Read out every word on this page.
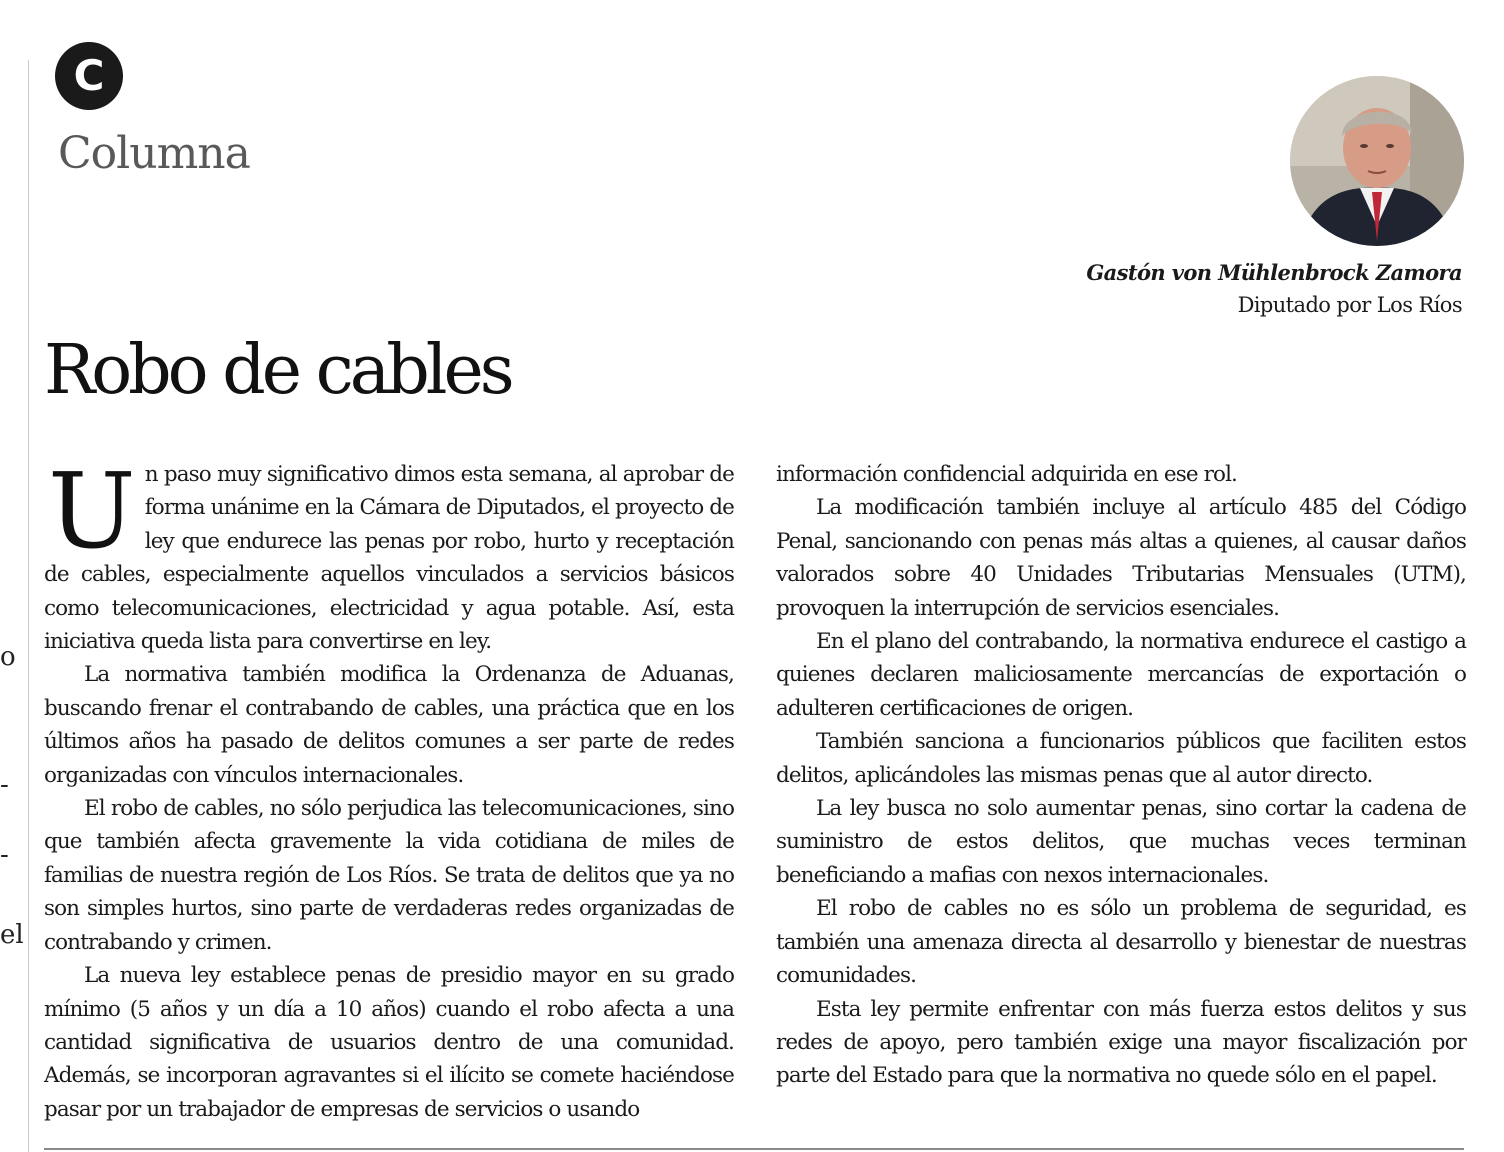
o
-
-
el
C
Columna
Gastón von Mühlenbrock Zamora
Diputado por Los Ríos
Robo de cables

Un paso muy significativo dimos esta semana, al aprobar de forma unánime en la Cámara de Diputados, el proyecto de ley que endurece las penas por robo, hurto y receptación de cables, especialmente aquellos vinculados a servicios básicos como telecomunicaciones, electricidad y agua potable. Así, esta iniciativa queda lista para convertirse en ley.

La normativa también modifica la Ordenanza de Aduanas, buscando frenar el contrabando de cables, una práctica que en los últimos años ha pasado de delitos comunes a ser parte de redes organizadas con vínculos internacionales.

El robo de cables, no sólo perjudica las telecomunicaciones, sino que también afecta gravemente la vida cotidiana de miles de familias de nuestra región de Los Ríos. Se trata de delitos que ya no son simples hurtos, sino parte de verdaderas redes organizadas de contrabando y crimen.

La nueva ley establece penas de presidio mayor en su grado mínimo (5 años y un día a 10 años) cuando el robo afecta a una cantidad significativa de usuarios dentro de una comunidad. Además, se incorporan agravantes si el ilícito se comete haciéndose pasar por un trabajador de empresas de servicios o usando

información confidencial adquirida en ese rol.

La modificación también incluye al artículo 485 del Código Penal, sancionando con penas más altas a quienes, al causar daños valorados sobre 40 Unidades Tributarias Mensuales (UTM), provoquen la interrupción de servicios esenciales.

En el plano del contrabando, la normativa endurece el castigo a quienes declaren maliciosamente mercancías de exportación o adulteren certificaciones de origen.

También sanciona a funcionarios públicos que faciliten estos delitos, aplicándoles las mismas penas que al autor directo.

La ley busca no solo aumentar penas, sino cortar la cadena de suministro de estos delitos, que muchas veces terminan beneficiando a mafias con nexos internacionales.

El robo de cables no es sólo un problema de seguridad, es también una amenaza directa al desarrollo y bienestar de nuestras comunidades.

Esta ley permite enfrentar con más fuerza estos delitos y sus redes de apoyo, pero también exige una mayor fiscalización por parte del Estado para que la normativa no quede sólo en el papel.
